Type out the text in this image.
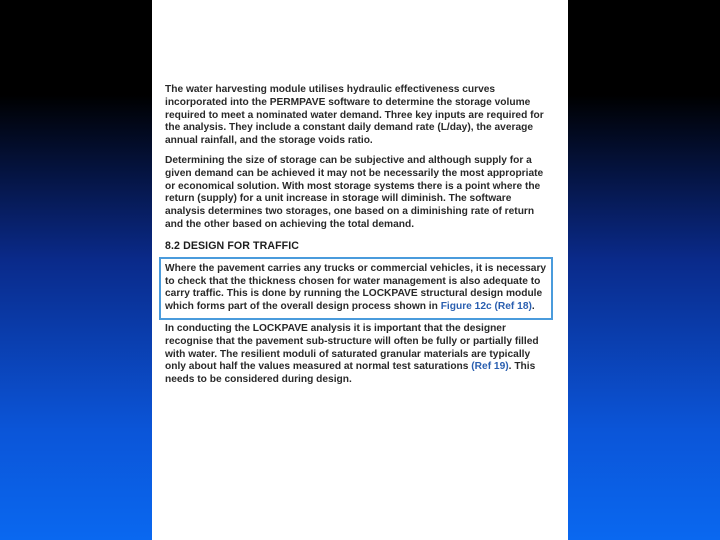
The water harvesting module utilises hydraulic effectiveness curves incorporated into the PERMPAVE software to determine the storage volume required to meet a nominated water demand. Three key inputs are required for the analysis. They include a constant daily demand rate (L/day), the average annual rainfall, and the storage voids ratio.

Determining the size of storage can be subjective and although supply for a given demand can be achieved it may not be necessarily the most appropriate or economical solution. With most storage systems there is a point where the return (supply) for a unit increase in storage will diminish. The software analysis determines two storages, one based on a diminishing rate of return and the other based on achieving the total demand.

8.2 DESIGN FOR TRAFFIC
Where the pavement carries any trucks or commercial vehicles, it is necessary to check that the thickness chosen for water management is also adequate to carry traffic. This is done by running the LOCKPAVE structural design module which forms part of the overall design process shown in Figure 12c (Ref 18).

In conducting the LOCKPAVE analysis it is important that the designer recognise that the pavement sub-structure will often be fully or partially filled with water. The resilient moduli of saturated granular materials are typically only about half the values measured at normal test saturations (Ref 19). This needs to be considered during design.
